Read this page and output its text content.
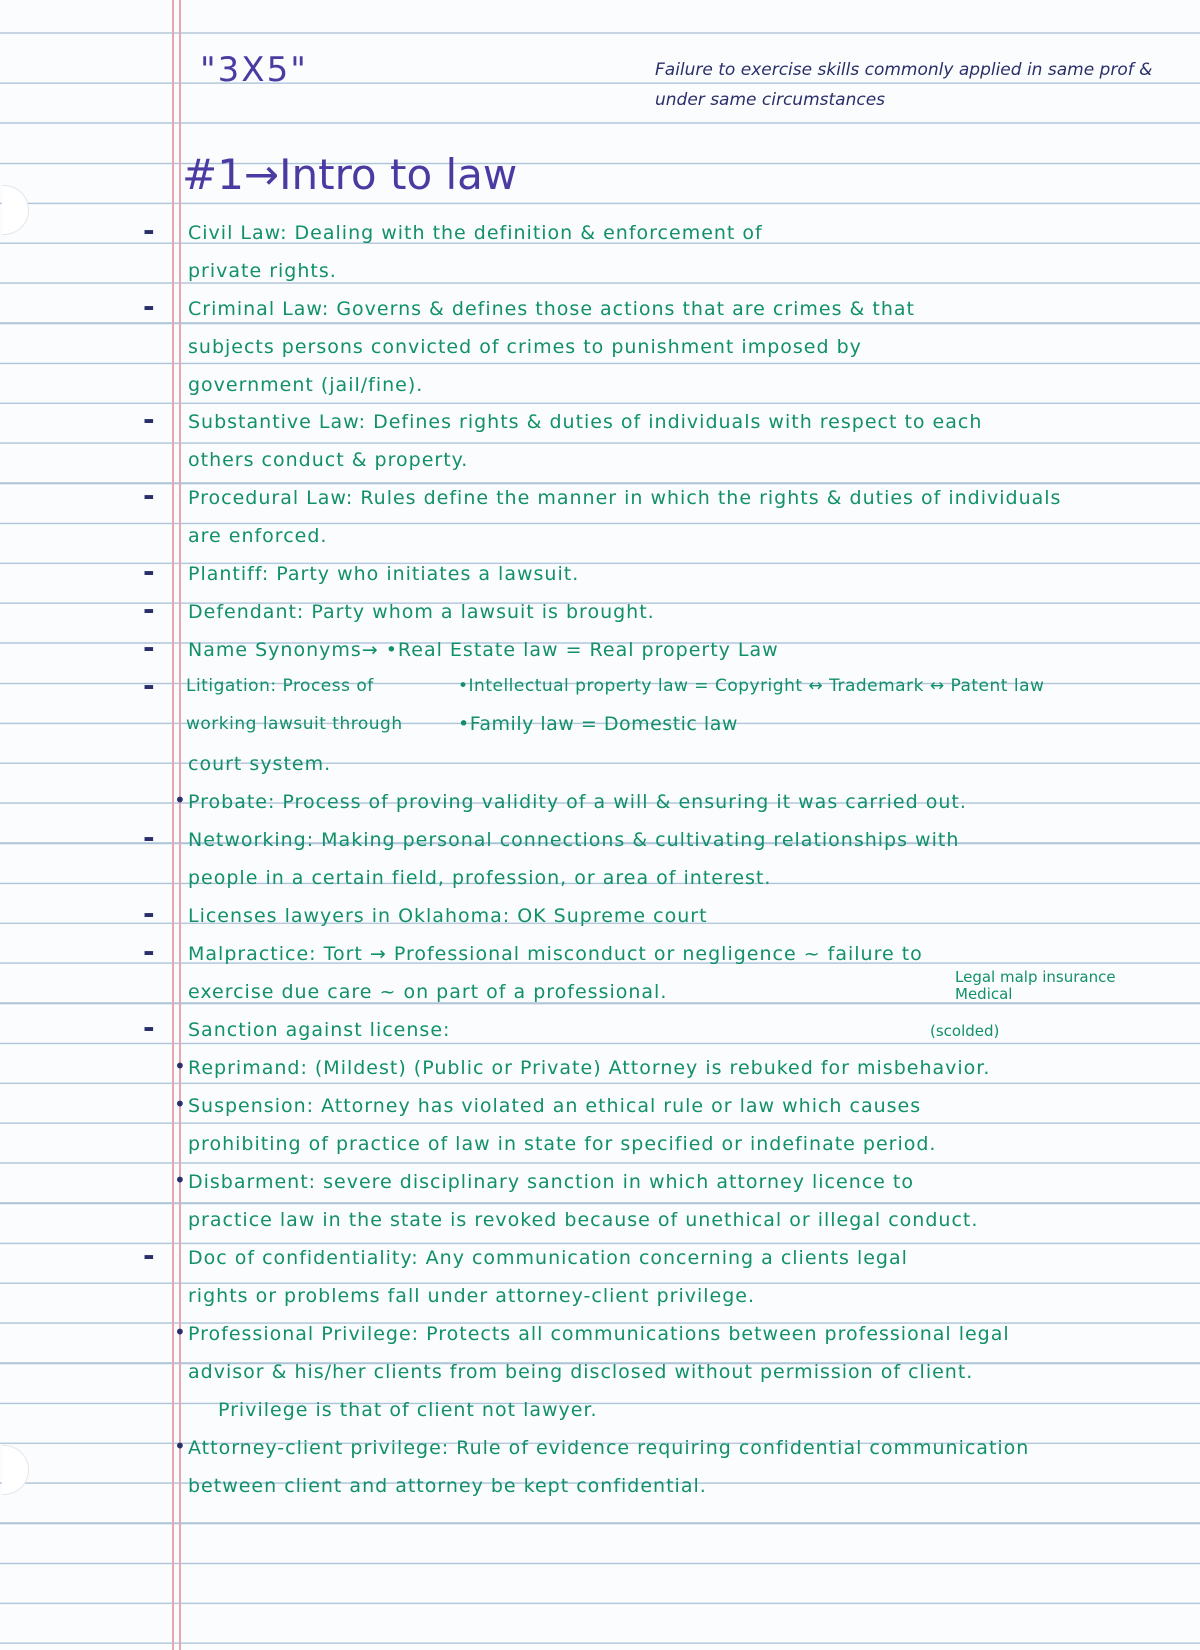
"3X5"	Failure to exercise skills commonly applied in same prof & under same circumstances
#1→Intro to law
- Civil Law: Dealing with the definition & enforcement of
private rights.
- Criminal Law: Governs & defines those actions that are crimes & that
subjects persons convicted of crimes to punishment imposed by
government (jail/fine).
- Substantive Law: Defines rights & duties of individuals with respect to each
others conduct & property.
- Procedural Law: Rules define the manner in which the rights & duties of individuals
are enforced.
- Plantiff: Party who initiates a lawsuit.
- Defendant: Party whom a lawsuit is brought.
- Name Synonyms→ •Real Estate law = Real property Law
- Litigation: Process of	•Intellectual property law = Copyright ↔ Trademark ↔ Patent law
working lawsuit through	•Family law = Domestic law
court system.
• Probate: Process of proving validity of a will & ensuring it was carried out.
- Networking: Making personal connections & cultivating relationships with
people in a certain field, profession, or area of interest.
- Licenses lawyers in Oklahoma: OK Supreme court
- Malpractice: Tort → Professional misconduct or negligence ~ failure to
exercise due care ~ on part of a professional.
Legal malp insurance
Medical
- Sanction against license:	(scolded)
• Reprimand: (Mildest) (Public or Private) Attorney is rebuked for misbehavior.
• Suspension: Attorney has violated an ethical rule or law which causes
prohibiting of practice of law in state for specified or indefinate period.
• Disbarment: severe disciplinary sanction in which attorney licence to
practice law in the state is revoked because of unethical or illegal conduct.
- Doc of confidentiality: Any communication concerning a clients legal
rights or problems fall under attorney-client privilege.
• Professional Privilege: Protects all communications between professional legal
advisor & his/her clients from being disclosed without permission of client.
Privilege is that of client not lawyer.
• Attorney-client privilege: Rule of evidence requiring confidential communication
between client and attorney be kept confidential.
